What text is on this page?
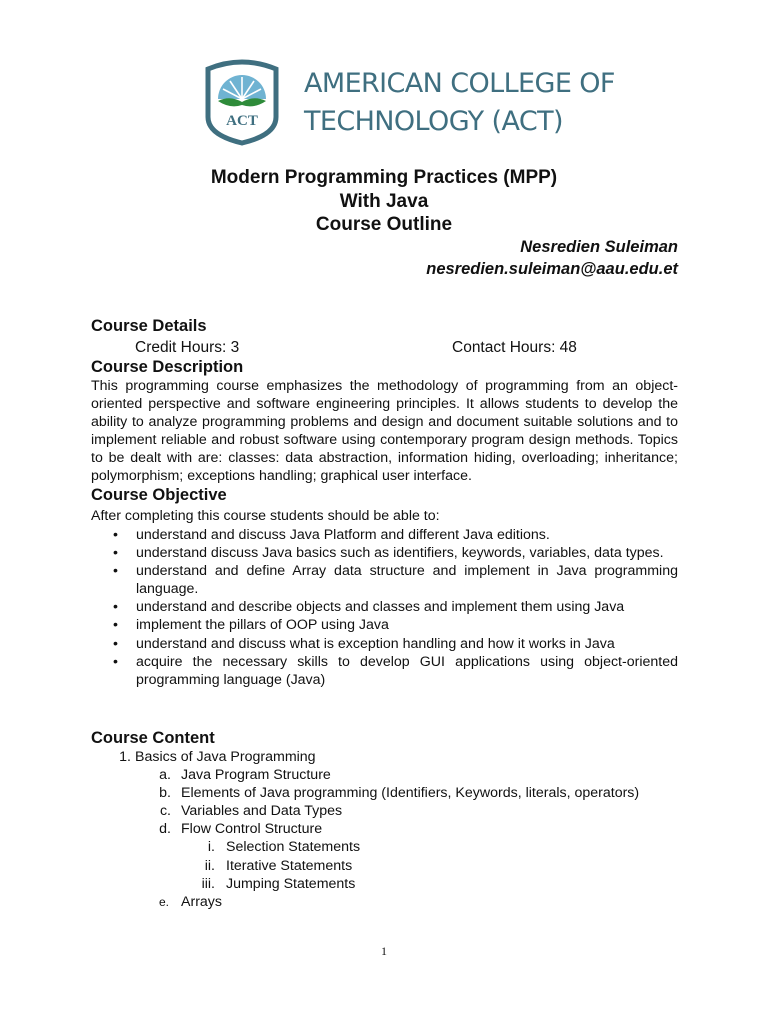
ACT
AMERICAN COLLEGE OF
TECHNOLOGY (ACT)
Modern Programming Practices (MPP)
With Java
Course Outline
Nesredien Suleiman
nesredien.suleiman@aau.edu.et
Course Details
Credit Hours: 3	Contact Hours: 48
Course Description
This programming course emphasizes the methodology of programming from an object-oriented perspective and software engineering principles. It allows students to develop the ability to analyze programming problems and design and document suitable solutions and to implement reliable and robust software using contemporary program design methods. Topics to be dealt with are: classes: data abstraction, information hiding, overloading; inheritance; polymorphism; exceptions handling; graphical user interface.
Course Objective
After completing this course students should be able to:
• understand and discuss Java Platform and different Java editions.
• understand discuss Java basics such as identifiers, keywords, variables, data types.
• understand and define Array data structure and implement in Java programming language.
• understand and describe objects and classes and implement them using Java
• implement the pillars of OOP using Java
• understand and discuss what is exception handling and how it works in Java
• acquire the necessary skills to develop GUI applications using object-oriented programming language (Java)
Course Content
1. Basics of Java Programming
a. Java Program Structure
b. Elements of Java programming (Identifiers, Keywords, literals, operators)
c. Variables and Data Types
d. Flow Control Structure
i. Selection Statements
ii. Iterative Statements
iii. Jumping Statements
e. Arrays
1
